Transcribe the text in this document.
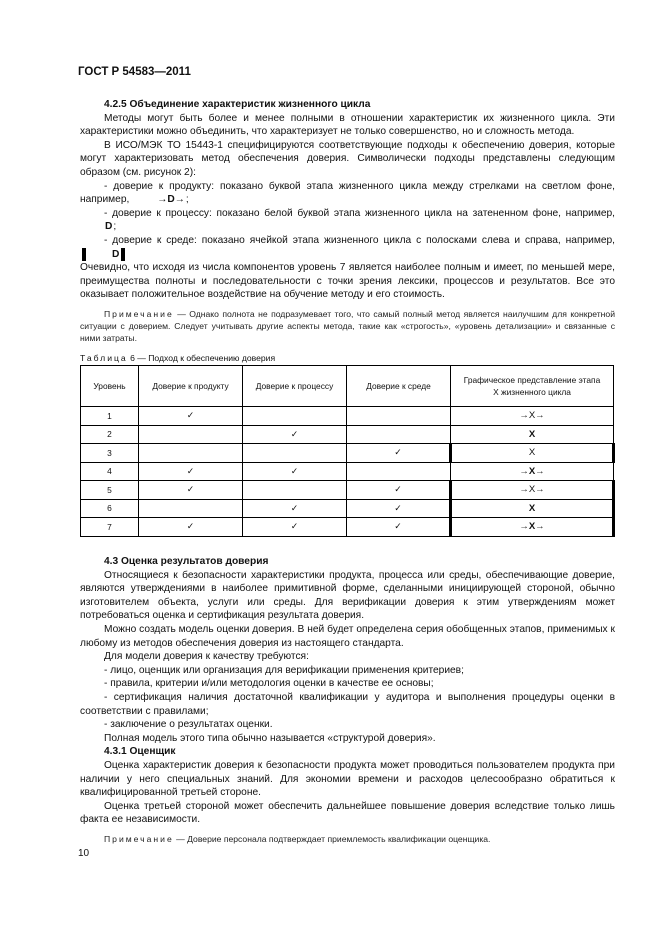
ГОСТ Р 54583—2011

4.2.5 Объединение характеристик жизненного цикла

Методы могут быть более и менее полными в отношении характеристик их жизненного цикла. Эти характеристики можно объединить, что характеризует не только совершенство, но и сложность метода.

В ИСО/МЭК ТО 15443-1 специфицируются соответствующие подходы к обеспечению доверия, которые могут характеризовать метод обеспечения доверия. Символически подходы представлены следующим образом (см. рисунок 2):

- доверие к продукту: показано буквой этапа жизненного цикла между стрелками на светлом фоне, например,	→D→;

- доверие к процессу: показано белой буквой этапа жизненного цикла на затененном фоне, например, D;

- доверие к среде: показано ячейкой этапа жизненного цикла с полосками слева и справа, например, D

Очевидно, что исходя из числа компонентов уровень 7 является наиболее полным и имеет, по меньшей мере, преимущества полноты и последовательности с точки зрения лексики, процессов и результатов. Все это оказывает положительное воздействие на обучение методу и его стоимость.

Примечание — Однако полнота не подразумевает того, что самый полный метод является наилучшим для конкретной ситуации с доверием. Следует учитывать другие аспекты метода, такие как «строгость», «уровень детализации» и связанные с ними затраты.

Таблица 6 — Подход к обеспечению доверия
Уровень	Доверие к продукту	Доверие к процессу	Доверие к среде	Графическое представление этапа X жизненного цикла
1	✓			→X→
2		✓		X
3			✓	X
4	✓	✓		→X→
5	✓		✓	→X→
6		✓	✓	X
7	✓	✓	✓	→X→

4.3 Оценка результатов доверия

Относящиеся к безопасности характеристики продукта, процесса или среды, обеспечивающие доверие, являются утверждениями в наиболее примитивной форме, сделанными инициирующей стороной, обычно изготовителем объекта, услуги или среды. Для верификации доверия к этим утверждениям может потребоваться оценка и сертификация результата доверия.

Можно создать модель оценки доверия. В ней будет определена серия обобщенных этапов, применимых к любому из методов обеспечения доверия из настоящего стандарта.

Для модели доверия к качеству требуются:

- лицо, оценщик или организация для верификации применения критериев;

- правила, критерии и/или методология оценки в качестве ее основы;

- сертификация наличия достаточной квалификации у аудитора и выполнения процедуры оценки в соответствии с правилами;

- заключение о результатах оценки.

Полная модель этого типа обычно называется «структурой доверия».

4.3.1 Оценщик

Оценка характеристик доверия к безопасности продукта может проводиться пользователем продукта при наличии у него специальных знаний. Для экономии времени и расходов целесообразно обратиться к квалифицированной третьей стороне.

Оценка третьей стороной может обеспечить дальнейшее повышение доверия вследствие только лишь факта ее независимости.

Примечание — Доверие персонала подтверждает приемлемость квалификации оценщика.

10
